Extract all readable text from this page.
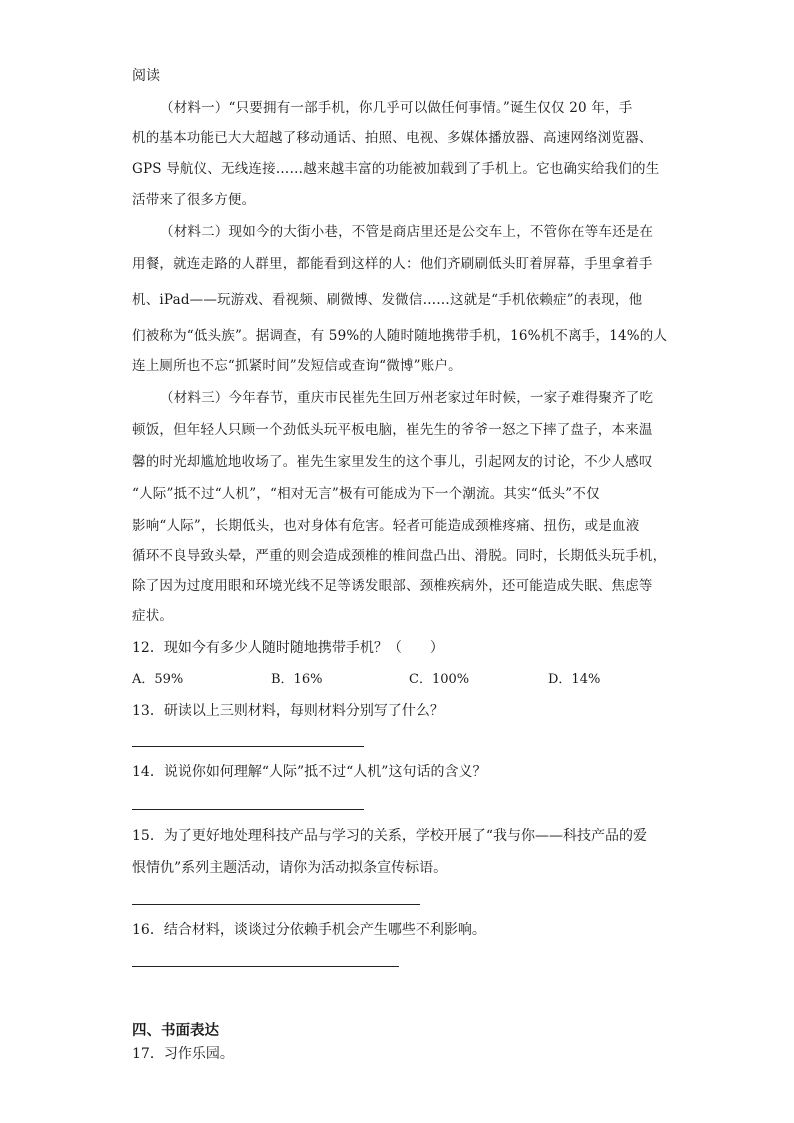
阅读
（材料一）“只要拥有一部手机，你几乎可以做任何事情。”诞生仅仅 20 年，手
机的基本功能已大大超越了移动通话、拍照、电视、多媒体播放器、高速网络浏览器、
GPS 导航仪、无线连接……越来越丰富的功能被加载到了手机上。它也确实给我们的生
活带来了很多方便。
（材料二）现如今的大街小巷，不管是商店里还是公交车上，不管你在等车还是在
用餐，就连走路的人群里，都能看到这样的人：他们齐刷刷低头盯着屏幕，手里拿着手
机、iPad——玩游戏、看视频、刷微博、发微信……这就是“手机依赖症”的表现，他
们被称为“低头族”。据调查，有 59%的人随时随地携带手机，16%机不离手，14%的人
连上厕所也不忘“抓紧时间”发短信或查询“微博”账户。
（材料三）今年春节，重庆市民崔先生回万州老家过年时候，一家子难得聚齐了吃
顿饭，但年轻人只顾一个劲低头玩平板电脑，崔先生的爷爷一怒之下摔了盘子，本来温
馨的时光却尴尬地收场了。崔先生家里发生的这个事儿，引起网友的讨论，不少人感叹
“人际”抵不过“人机”，“相对无言”极有可能成为下一个潮流。其实“低头”不仅
影响“人际”，长期低头，也对身体有危害。轻者可能造成颈椎疼痛、扭伤，或是血液
循环不良导致头晕，严重的则会造成颈椎的椎间盘凸出、滑脱。同时，长期低头玩手机，
除了因为过度用眼和环境光线不足等诱发眼部、颈椎疾病外，还可能造成失眠、焦虑等
症状。
12．现如今有多少人随时随地携带手机？（　　）
A．59%	B．16%	C．100%	D．14%
13．研读以上三则材料，每则材料分别写了什么？
14．说说你如何理解“人际”抵不过“人机”这句话的含义？
15．为了更好地处理科技产品与学习的关系，学校开展了“我与你——科技产品的爱
恨情仇”系列主题活动，请你为活动拟条宣传标语。
16．结合材料，谈谈过分依赖手机会产生哪些不利影响。
四、书面表达
17．习作乐园。
